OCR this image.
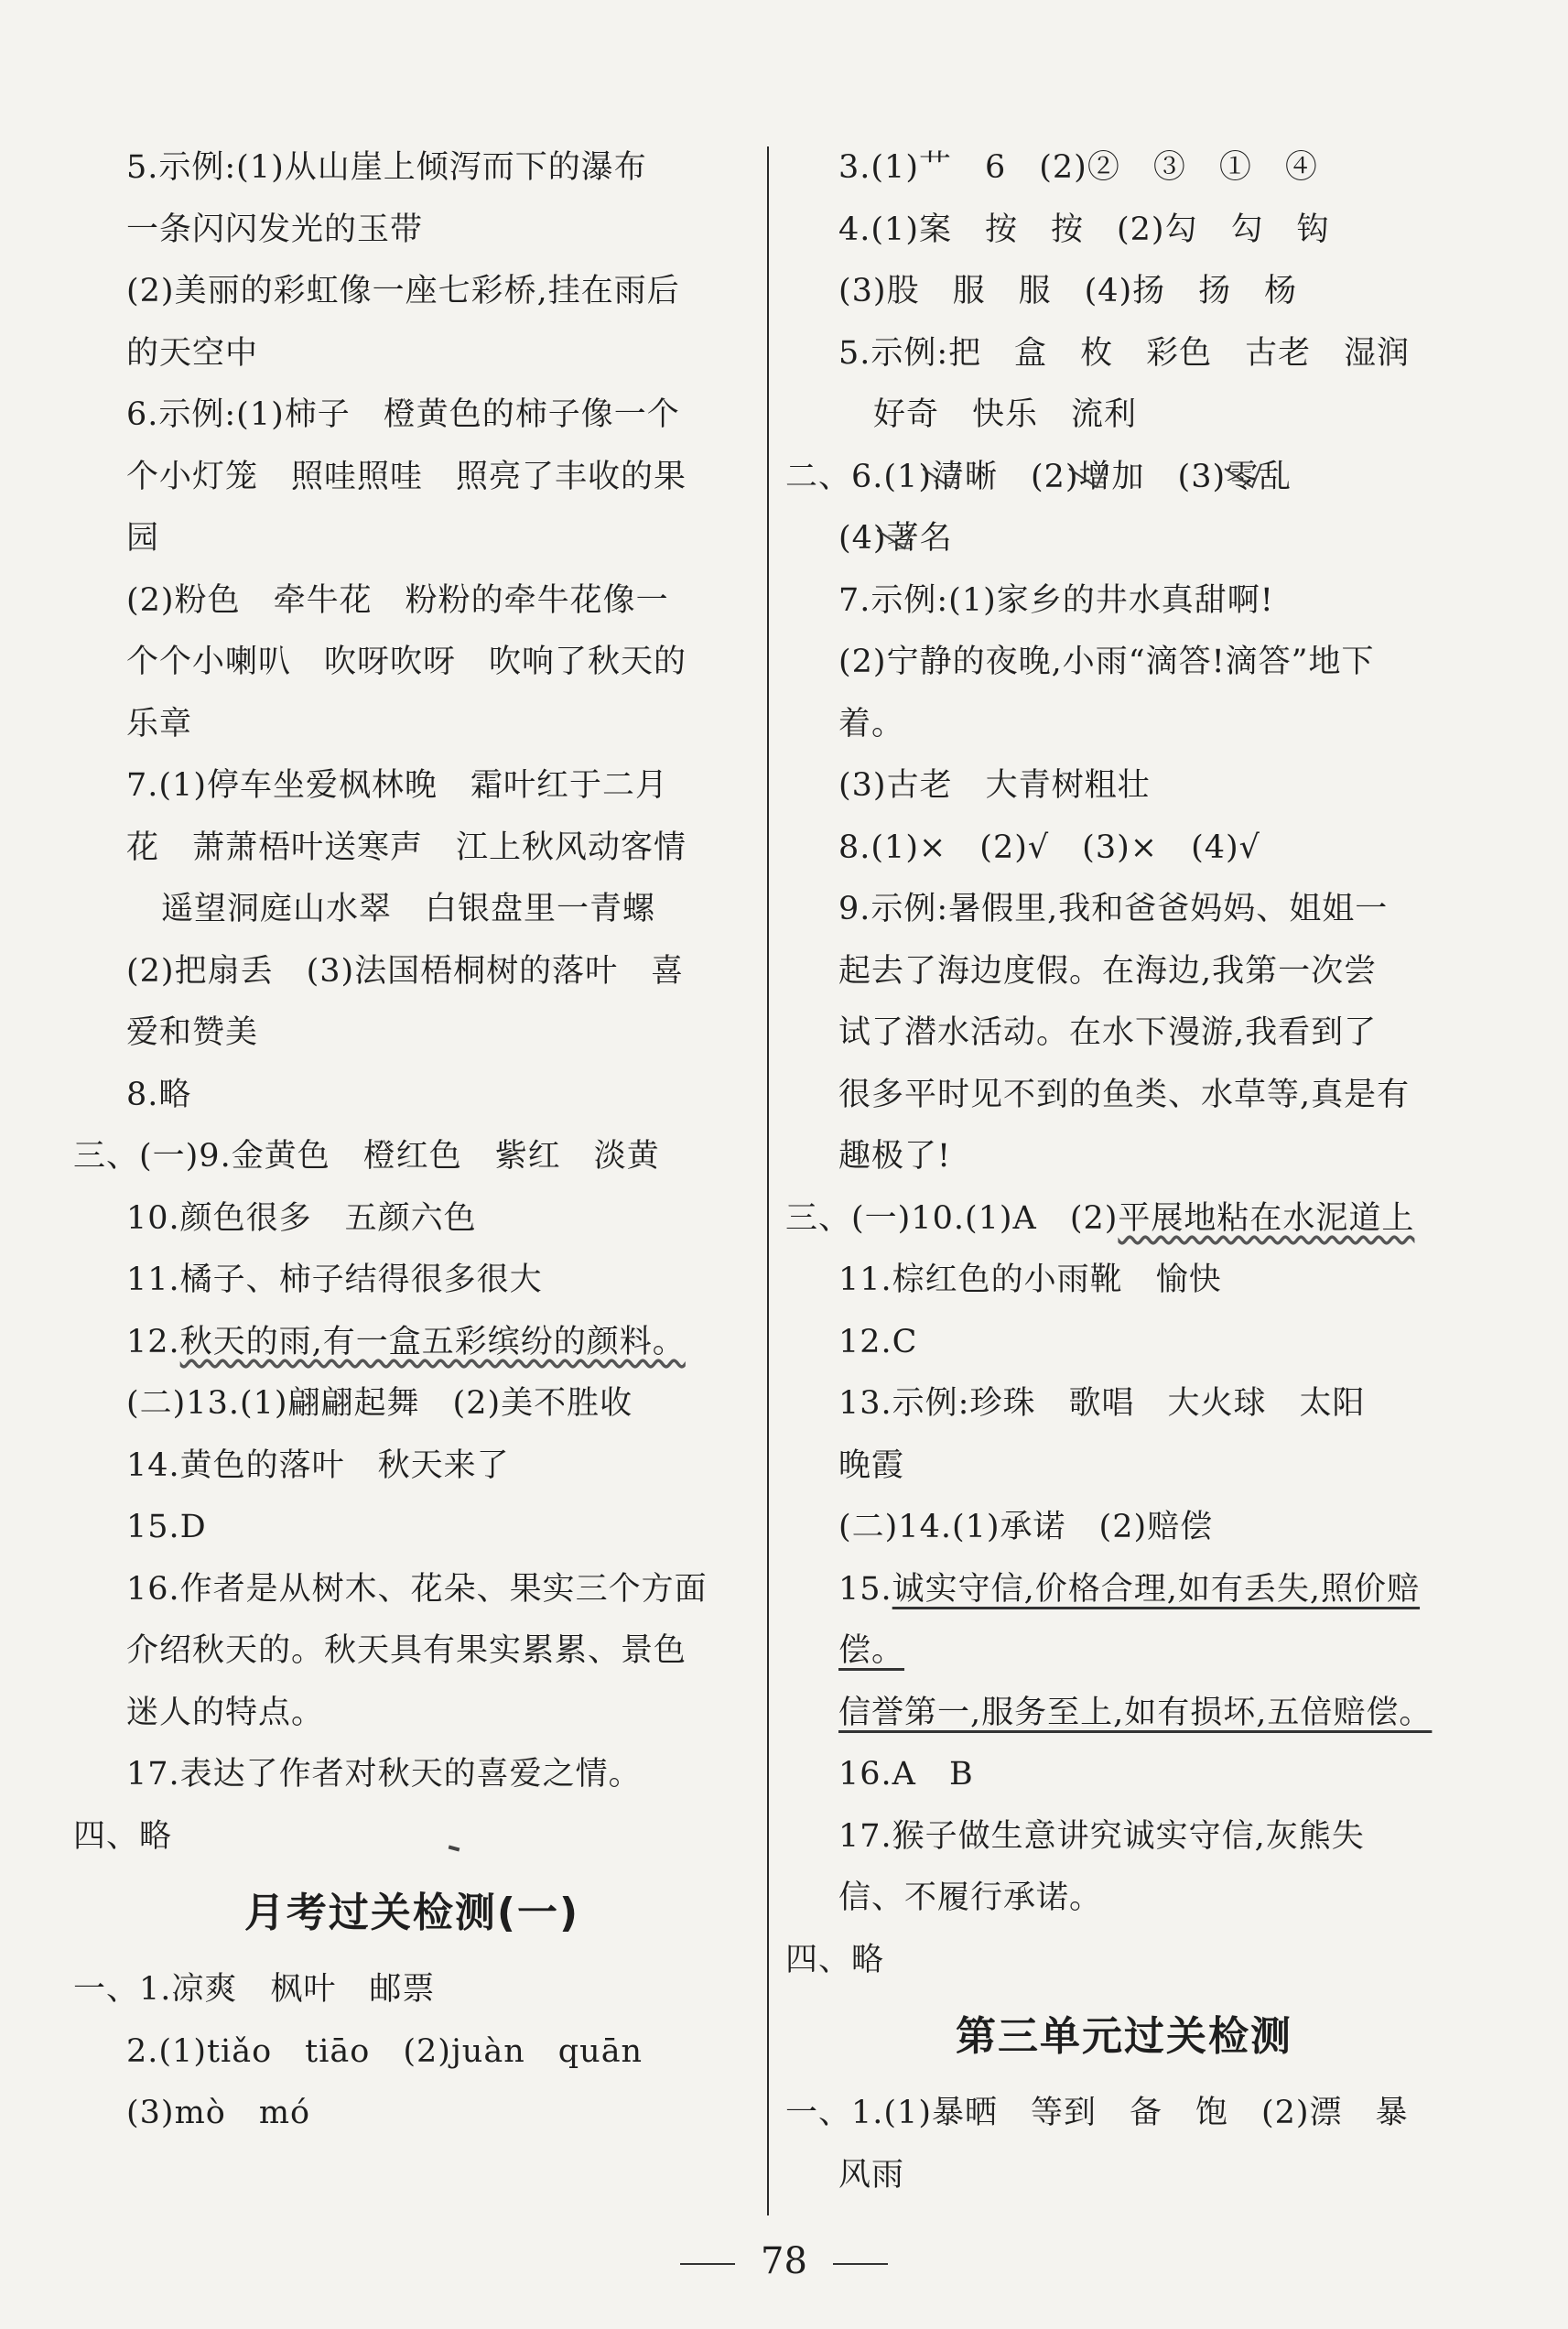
5.示例:(1)从山崖上倾泻而下的瀑布
一条闪闪发光的玉带
(2)美丽的彩虹像一座七彩桥,挂在雨后
的天空中
6.示例:(1)柿子　橙黄色的柿子像一个
个小灯笼　照哇照哇　照亮了丰收的果
园
(2)粉色　牵牛花　粉粉的牵牛花像一
个个小喇叭　吹呀吹呀　吹响了秋天的
乐章
7.(1)停车坐爱枫林晚　霜叶红于二月
花　萧萧梧叶送寒声　江上秋风动客情
遥望洞庭山水翠　白银盘里一青螺
(2)把扇丢　(3)法国梧桐树的落叶　喜
爱和赞美
8.略
三、(一)9.金黄色　橙红色　紫红　淡黄
10.颜色很多　五颜六色
11.橘子、柿子结得很多很大
12.秋天的雨,有一盒五彩缤纷的颜料。
(二)13.(1)翩翩起舞　(2)美不胜收
14.黄色的落叶　秋天来了
15.D
16.作者是从树木、花朵、果实三个方面
介绍秋天的。秋天具有果实累累、景色
迷人的特点。
17.表达了作者对秋天的喜爱之情。
四、略
月考过关检测(一)
一、1.凉爽　枫叶　邮票
2.(1)tiǎo　tiāo　(2)juàn　quān
(3)mò　mó
3.(1)艹　6　(2)②　③　①　④
4.(1)案　按　按　(2)勾　勾　钩
(3)股　服　服　(4)扬　扬　杨
5.示例:把　盒　枚　彩色　古老　湿润
好奇　快乐　流利
二、6.(1)清晰　(2)增加　(3)零乱
(4)著名
7.示例:(1)家乡的井水真甜啊!
(2)宁静的夜晚,小雨“滴答!滴答”地下
着。
(3)古老　大青树粗壮
8.(1)×　(2)√　(3)×　(4)√
9.示例:暑假里,我和爸爸妈妈、姐姐一
起去了海边度假。在海边,我第一次尝
试了潜水活动。在水下漫游,我看到了
很多平时见不到的鱼类、水草等,真是有
趣极了!
三、(一)10.(1)A　(2)平展地粘在水泥道上
11.棕红色的小雨靴　愉快
12.C
13.示例:珍珠　歌唱　大火球　太阳
晚霞
(二)14.(1)承诺　(2)赔偿
15.诚实守信,价格合理,如有丢失,照价赔
偿。
信誉第一,服务至上,如有损坏,五倍赔偿。
16.A　B
17.猴子做生意讲究诚实守信,灰熊失
信、不履行承诺。
四、略
第三单元过关检测
一、1.(1)暴晒　等到　备　饱　(2)漂　暴
风雨
78
